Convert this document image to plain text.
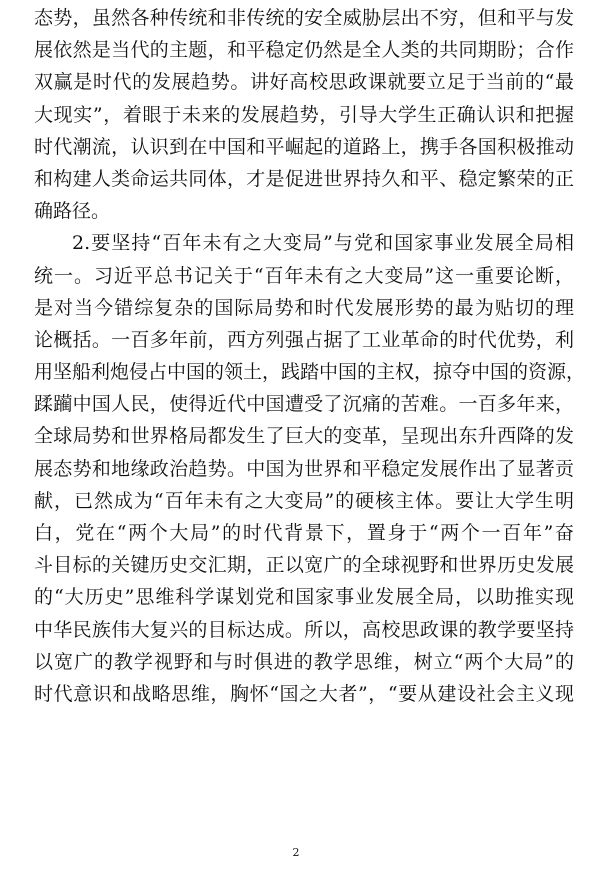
态势，虽然各种传统和非传统的安全威胁层出不穷，但和平与发
展依然是当代的主题，和平稳定仍然是全人类的共同期盼；合作
双赢是时代的发展趋势。讲好高校思政课就要立足于当前的“最
大现实”，着眼于未来的发展趋势，引导大学生正确认识和把握
时代潮流，认识到在中国和平崛起的道路上，携手各国积极推动
和构建人类命运共同体，才是促进世界持久和平、稳定繁荣的正
确路径。
2.要坚持“百年未有之大变局”与党和国家事业发展全局相
统一。习近平总书记关于“百年未有之大变局”这一重要论断，
是对当今错综复杂的国际局势和时代发展形势的最为贴切的理
论概括。一百多年前，西方列强占据了工业革命的时代优势，利
用坚船利炮侵占中国的领土，践踏中国的主权，掠夺中国的资源，
蹂躏中国人民，使得近代中国遭受了沉痛的苦难。一百多年来，
全球局势和世界格局都发生了巨大的变革，呈现出东升西降的发
展态势和地缘政治趋势。中国为世界和平稳定发展作出了显著贡
献，已然成为“百年未有之大变局”的硬核主体。要让大学生明
白，党在“两个大局”的时代背景下，置身于“两个一百年”奋
斗目标的关键历史交汇期，正以宽广的全球视野和世界历史发展
的“大历史”思维科学谋划党和国家事业发展全局，以助推实现
中华民族伟大复兴的目标达成。所以，高校思政课的教学要坚持
以宽广的教学视野和与时俱进的教学思维，树立“两个大局”的
时代意识和战略思维，胸怀“国之大者”，“要从建设社会主义现
2
